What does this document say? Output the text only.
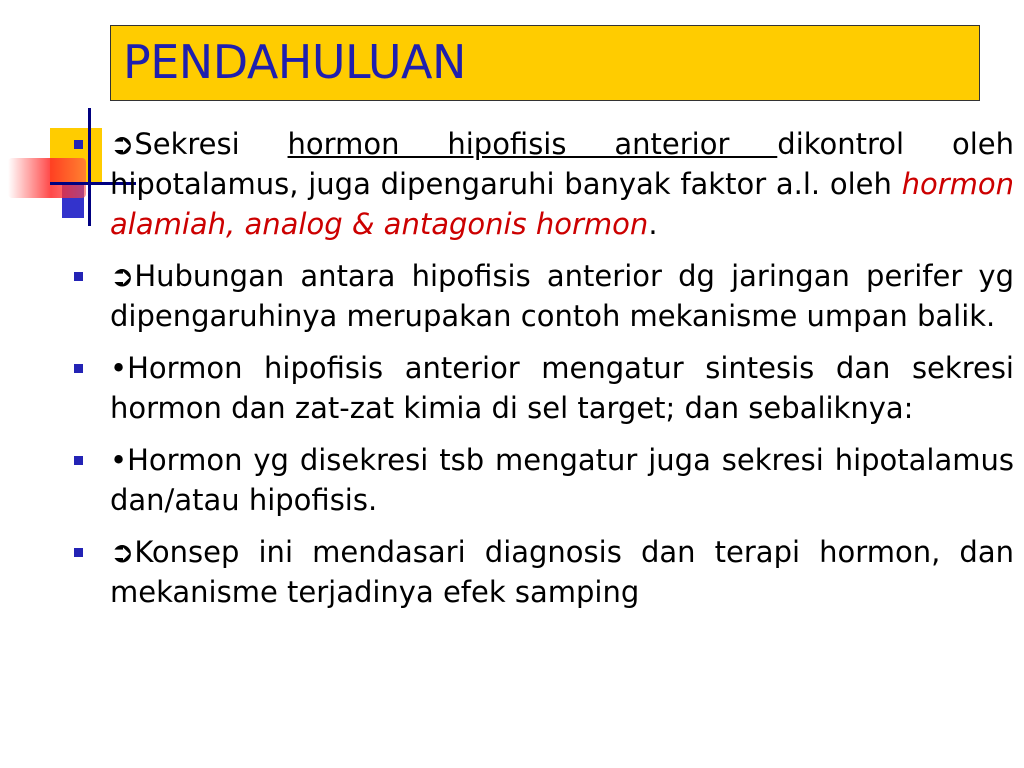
PENDAHULUAN
➲Sekresi hormon hipofisis anterior dikontrol oleh hipotalamus, juga dipengaruhi banyak faktor a.l. oleh hormon alamiah, analog & antagonis hormon.
➲Hubungan antara hipofisis anterior dg jaringan perifer yg dipengaruhinya merupakan contoh mekanisme umpan balik.
•Hormon hipofisis anterior mengatur sintesis dan sekresi hormon dan zat-zat kimia di sel target; dan sebaliknya:
•Hormon yg disekresi tsb mengatur juga sekresi hipotalamus dan/atau hipofisis.
➲Konsep ini mendasari diagnosis dan terapi hormon, dan mekanisme terjadinya efek samping
